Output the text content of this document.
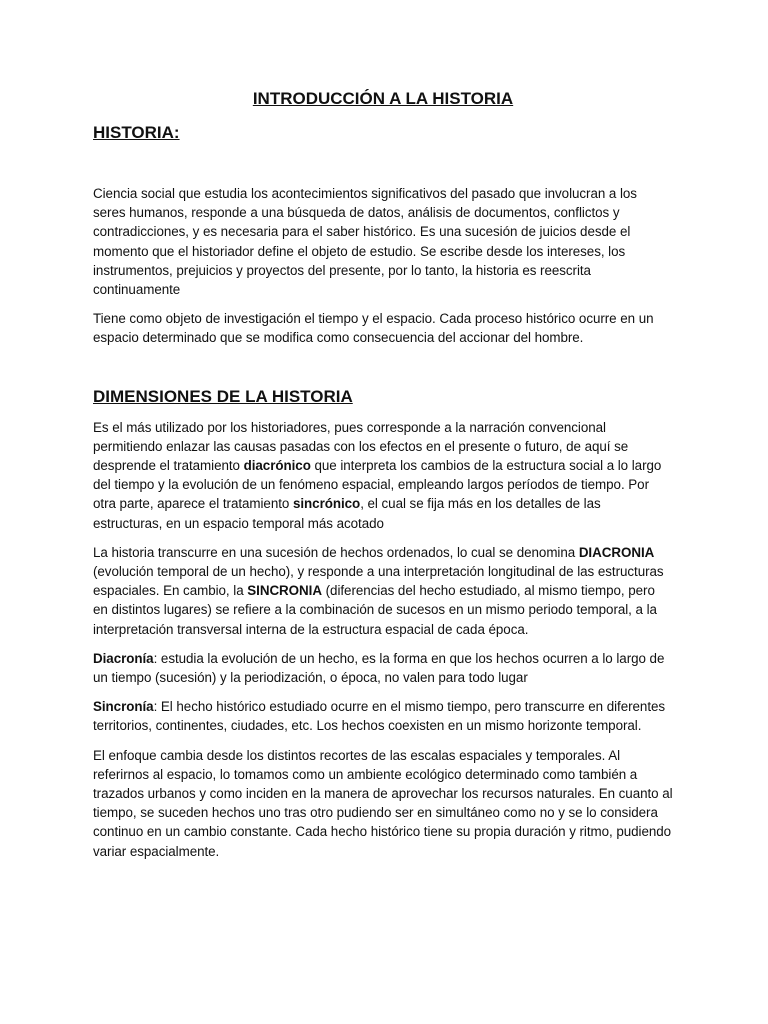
INTRODUCCIÓN A LA HISTORIA
HISTORIA:

Ciencia social que estudia los acontecimientos significativos del pasado que involucran a los seres humanos, responde a una búsqueda de datos, análisis de documentos, conflictos y contradicciones, y es necesaria para el saber histórico. Es una sucesión de juicios desde el momento que el historiador define el objeto de estudio. Se escribe desde los intereses, los instrumentos, prejuicios y proyectos del presente, por lo tanto, la historia es reescrita continuamente

Tiene como objeto de investigación el tiempo y el espacio. Cada proceso histórico ocurre en un espacio determinado que se modifica como consecuencia del accionar del hombre.

DIMENSIONES DE LA HISTORIA

Es el más utilizado por los historiadores, pues corresponde a la narración convencional permitiendo enlazar las causas pasadas con los efectos en el presente o futuro, de aquí se desprende el tratamiento diacrónico que interpreta los cambios de la estructura social a lo largo del tiempo y la evolución de un fenómeno espacial, empleando largos períodos de tiempo. Por otra parte, aparece el tratamiento sincrónico, el cual se fija más en los detalles de las estructuras, en un espacio temporal más acotado

La historia transcurre en una sucesión de hechos ordenados, lo cual se denomina DIACRONIA (evolución temporal de un hecho), y responde a una interpretación longitudinal de las estructuras espaciales. En cambio, la SINCRONIA (diferencias del hecho estudiado, al mismo tiempo, pero en distintos lugares) se refiere a la combinación de sucesos en un mismo periodo temporal, a la interpretación transversal interna de la estructura espacial de cada época.

Diacronía: estudia la evolución de un hecho, es la forma en que los hechos ocurren a lo largo de un tiempo (sucesión) y la periodización, o época, no valen para todo lugar

Sincronía: El hecho histórico estudiado ocurre en el mismo tiempo, pero transcurre en diferentes territorios, continentes, ciudades, etc. Los hechos coexisten en un mismo horizonte temporal.

El enfoque cambia desde los distintos recortes de las escalas espaciales y temporales. Al referirnos al espacio, lo tomamos como un ambiente ecológico determinado como también a trazados urbanos y como inciden en la manera de aprovechar los recursos naturales. En cuanto al tiempo, se suceden hechos uno tras otro pudiendo ser en simultáneo como no y se lo considera continuo en un cambio constante. Cada hecho histórico tiene su propia duración y ritmo, pudiendo variar espacialmente.
